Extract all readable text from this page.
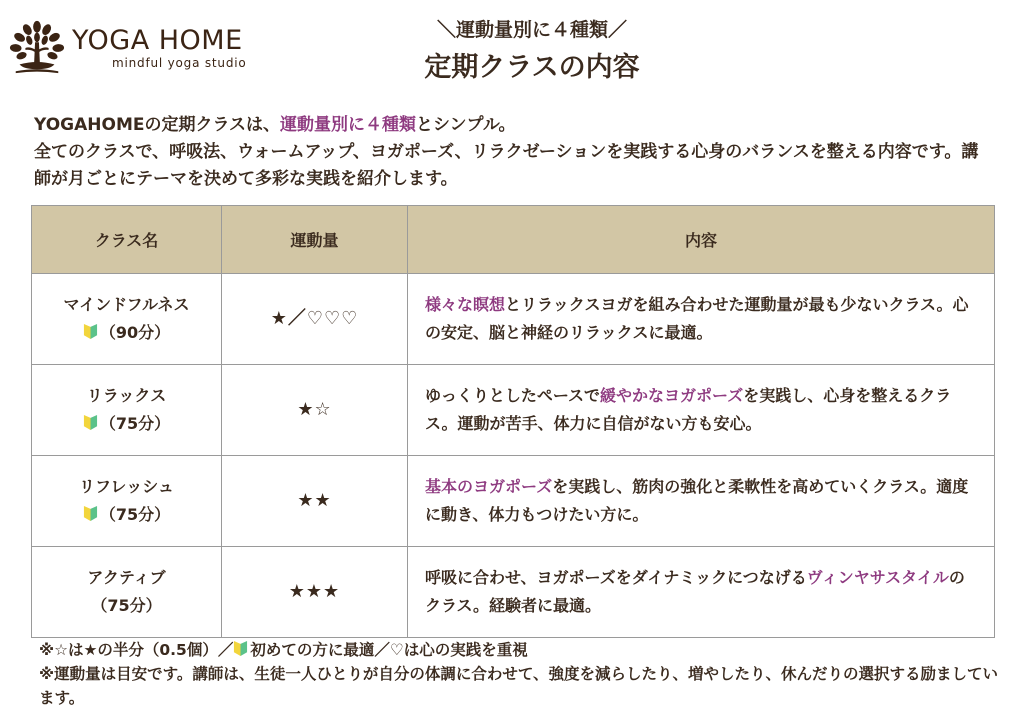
YOGA HOME
mindful yoga studio
＼運動量別に４種類／
定期クラスの内容
YOGAHOMEの定期クラスは、運動量別に４種類とシンプル。
全てのクラスで、呼吸法、ウォームアップ、ヨガポーズ、リラクゼーションを実践する心身のバランスを整える内容です。講師が月ごとにテーマを決めて多彩な実践を紹介します。
クラス名	運動量	内容

マインドフルネス
（90分）	★／♡♡♡	様々な瞑想とリラックスヨガを組み合わせた運動量が最も少ないクラス。心の安定、脳と神経のリラックスに最適。

リラックス
（75分）	★☆	ゆっくりとしたペースで緩やかなヨガポーズを実践し、心身を整えるクラス。運動が苦手、体力に自信がない方も安心。

リフレッシュ
（75分）	★★	基本のヨガポーズを実践し、筋肉の強化と柔軟性を高めていくクラス。適度に動き、体力もつけたい方に。

アクティブ
（75分）	★★★	呼吸に合わせ、ヨガポーズをダイナミックにつなげるヴィンヤサスタイルのクラス。経験者に最適。
※☆は★の半分（0.5個）／ 初めての方に最適／♡は心の実践を重視
※運動量は目安です。講師は、生徒一人ひとりが自分の体調に合わせて、強度を減らしたり、増やしたり、休んだりの選択する励ましています。
